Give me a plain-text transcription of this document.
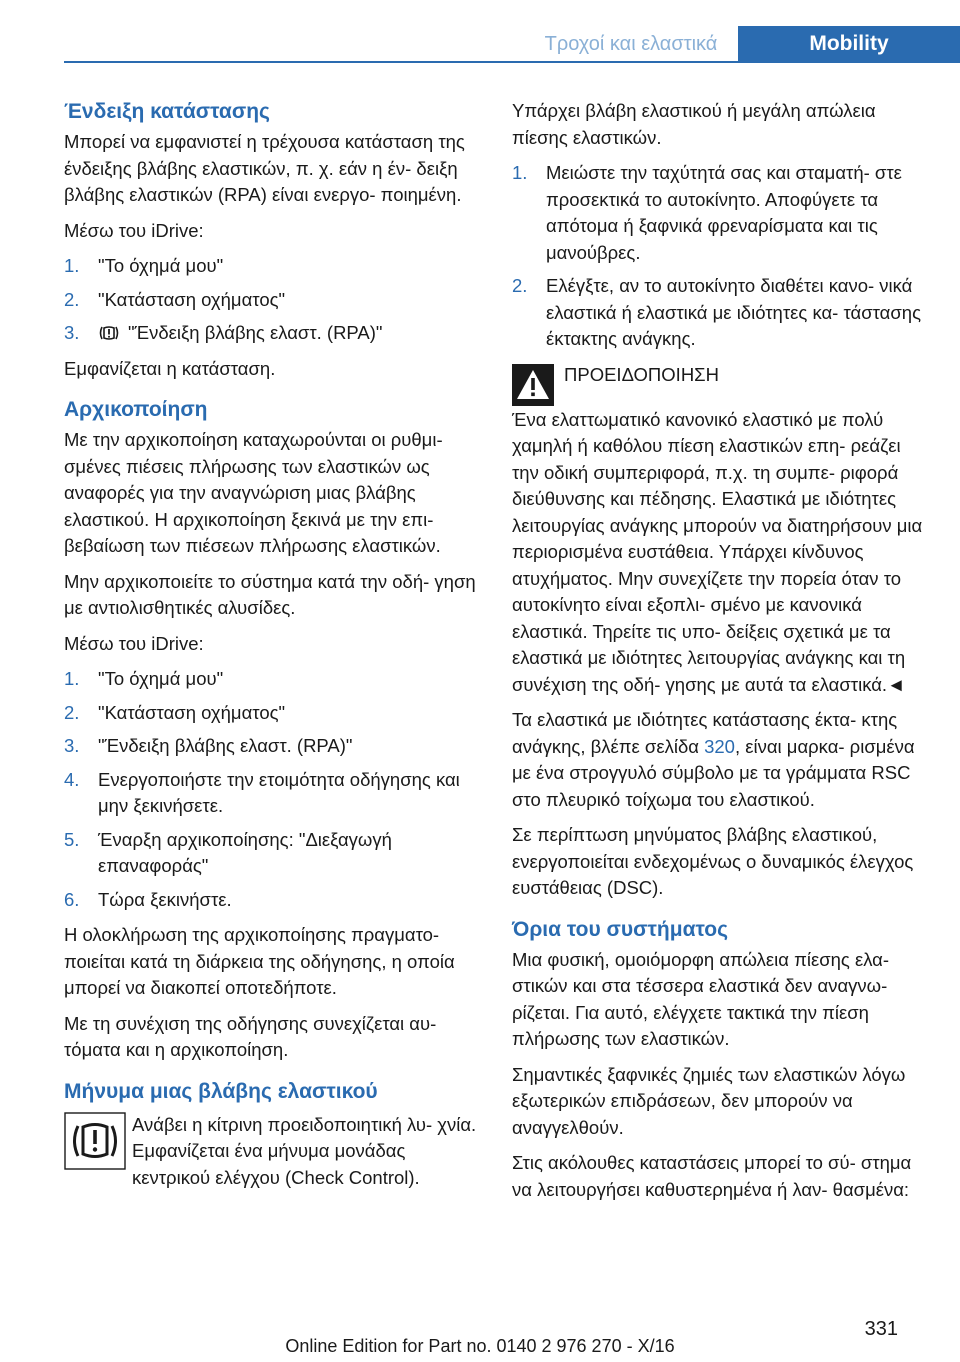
Τροχοί και ελαστικά	Mobility
Ένδειξη κατάστασης

Μπορεί να εμφανιστεί η τρέχουσα κατάσταση της ένδειξης βλάβης ελαστικών, π. χ. εάν η έν- δειξη βλάβης ελαστικών (RPA) είναι ενεργο- ποιημένη.

Μέσω του iDrive:

1.	"Το όχημά μου"
2.	"Κατάσταση οχήματος"
3.	"Ένδειξη βλάβης ελαστ. (RPA)"

Εμφανίζεται η κατάσταση.

Αρχικοποίηση

Με την αρχικοποίηση καταχωρούνται οι ρυθμι- σμένες πιέσεις πλήρωσης των ελαστικών ως αναφορές για την αναγνώριση μιας βλάβης ελαστικού. Η αρχικοποίηση ξεκινά με την επι- βεβαίωση των πιέσεων πλήρωσης ελαστικών.

Μην αρχικοποιείτε το σύστημα κατά την οδή- γηση με αντιολισθητικές αλυσίδες.

Μέσω του iDrive:

1.	"Το όχημά μου"
2.	"Κατάσταση οχήματος"
3.	"Ένδειξη βλάβης ελαστ. (RPA)"
4.	Ενεργοποιήστε την ετοιμότητα οδήγησης και μην ξεκινήσετε.
5.	Έναρξη αρχικοποίησης: "Διεξαγωγή επαναφοράς"
6.	Τώρα ξεκινήστε.

Η ολοκλήρωση της αρχικοποίησης πραγματο- ποιείται κατά τη διάρκεια της οδήγησης, η οποία μπορεί να διακοπεί οποτεδήποτε.

Με τη συνέχιση της οδήγησης συνεχίζεται αυ- τόματα και η αρχικοποίηση.

Μήνυμα μιας βλάβης ελαστικού

Ανάβει η κίτρινη προειδοποιητική λυ- χνία. Εμφανίζεται ένα μήνυμα μονάδας κεντρικού ελέγχου (Check Control).

Υπάρχει βλάβη ελαστικού ή μεγάλη απώλεια πίεσης ελαστικών.

1.	Μειώστε την ταχύτητά σας και σταματή- στε προσεκτικά το αυτοκίνητο. Αποφύγετε τα απότομα ή ξαφνικά φρεναρίσματα και τις μανούβρες.
2.	Ελέγξτε, αν το αυτοκίνητο διαθέτει κανο- νικά ελαστικά ή ελαστικά με ιδιότητες κα- τάστασης έκτακτης ανάγκης.
ΠΡΟΕΙΔΟΠΟΙΗΣΗ

Ένα ελαττωματικό κανονικό ελαστικό με πολύ χαμηλή ή καθόλου πίεση ελαστικών επη- ρεάζει την οδική συμπεριφορά, π.χ. τη συμπε- ριφορά διεύθυνσης και πέδησης. Ελαστικά με ιδιότητες λειτουργίας ανάγκης μπορούν να διατηρήσουν μια περιορισμένα ευστάθεια. Υπάρχει κίνδυνος ατυχήματος. Μην συνεχίζετε την πορεία όταν το αυτοκίνητο είναι εξοπλι- σμένο με κανονικά ελαστικά. Τηρείτε τις υπο- δείξεις σχετικά με τα ελαστικά με ιδιότητες λειτουργίας ανάγκης και τη συνέχιση της οδή- γησης με αυτά τα ελαστικά.◄

Τα ελαστικά με ιδιότητες κατάστασης έκτα- κτης ανάγκης, βλέπε σελίδα 320, είναι μαρκα- ρισμένα με ένα στρογγυλό σύμβολο με τα γράμματα RSC στο πλευρικό τοίχωμα του ελαστικού.

Σε περίπτωση μηνύματος βλάβης ελαστικού, ενεργοποιείται ενδεχομένως ο δυναμικός έλεγχος ευστάθειας (DSC).

Όρια του συστήματος

Μια φυσική, ομοιόμορφη απώλεια πίεσης ελα- στικών και στα τέσσερα ελαστικά δεν αναγνω- ρίζεται. Για αυτό, ελέγχετε τακτικά την πίεση πλήρωσης των ελαστικών.

Σημαντικές ξαφνικές ζημιές των ελαστικών λόγω εξωτερικών επιδράσεων, δεν μπορούν να αναγγελθούν.

Στις ακόλουθες καταστάσεις μπορεί το σύ- στημα να λειτουργήσει καθυστερημένα ή λαν- θασμένα:

331
Online Edition for Part no. 0140 2 976 270 - X/16
